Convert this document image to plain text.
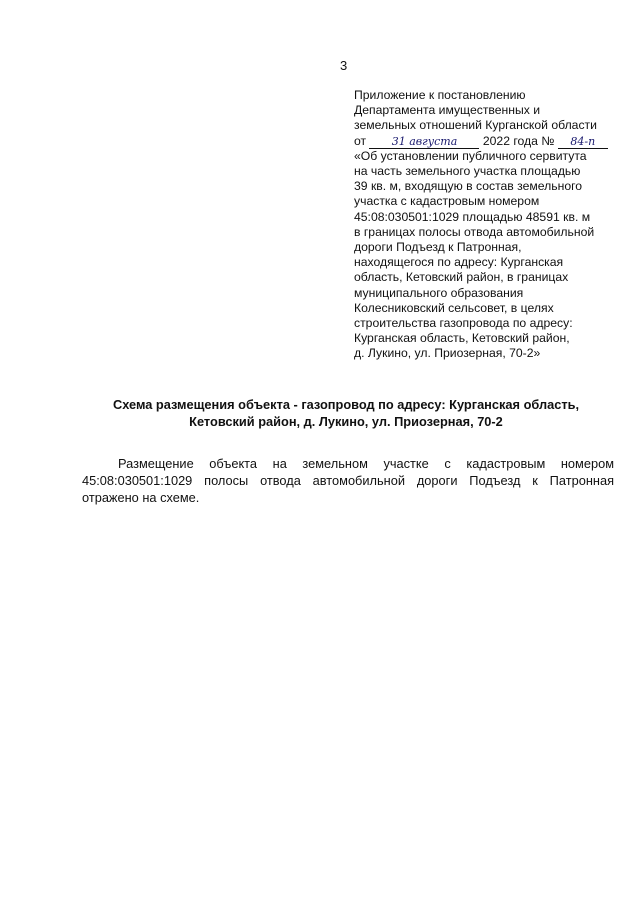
3
Приложение к постановлению
Департамента имущественных и
земельных отношений Курганской области
от 31 августа 2022 года № 84-п
«Об установлении публичного сервитута
на часть земельного участка площадью
39 кв. м, входящую в состав земельного
участка с кадастровым номером
45:08:030501:1029 площадью 48591 кв. м
в границах полосы отвода автомобильной
дороги Подъезд к Патронная,
находящегося по адресу: Курганская
область, Кетовский район, в границах
муниципального образования
Колесниковский сельсовет, в целях
строительства газопровода по адресу:
Курганская область, Кетовский район,
д. Лукино, ул. Приозерная, 70-2»
Схема размещения объекта - газопровод по адресу: Курганская область,
Кетовский район, д. Лукино, ул. Приозерная, 70-2
Размещение объекта на земельном участке с кадастровым номером
45:08:030501:1029 полосы отвода автомобильной дороги Подъезд к Патронная
отражено на схеме.
